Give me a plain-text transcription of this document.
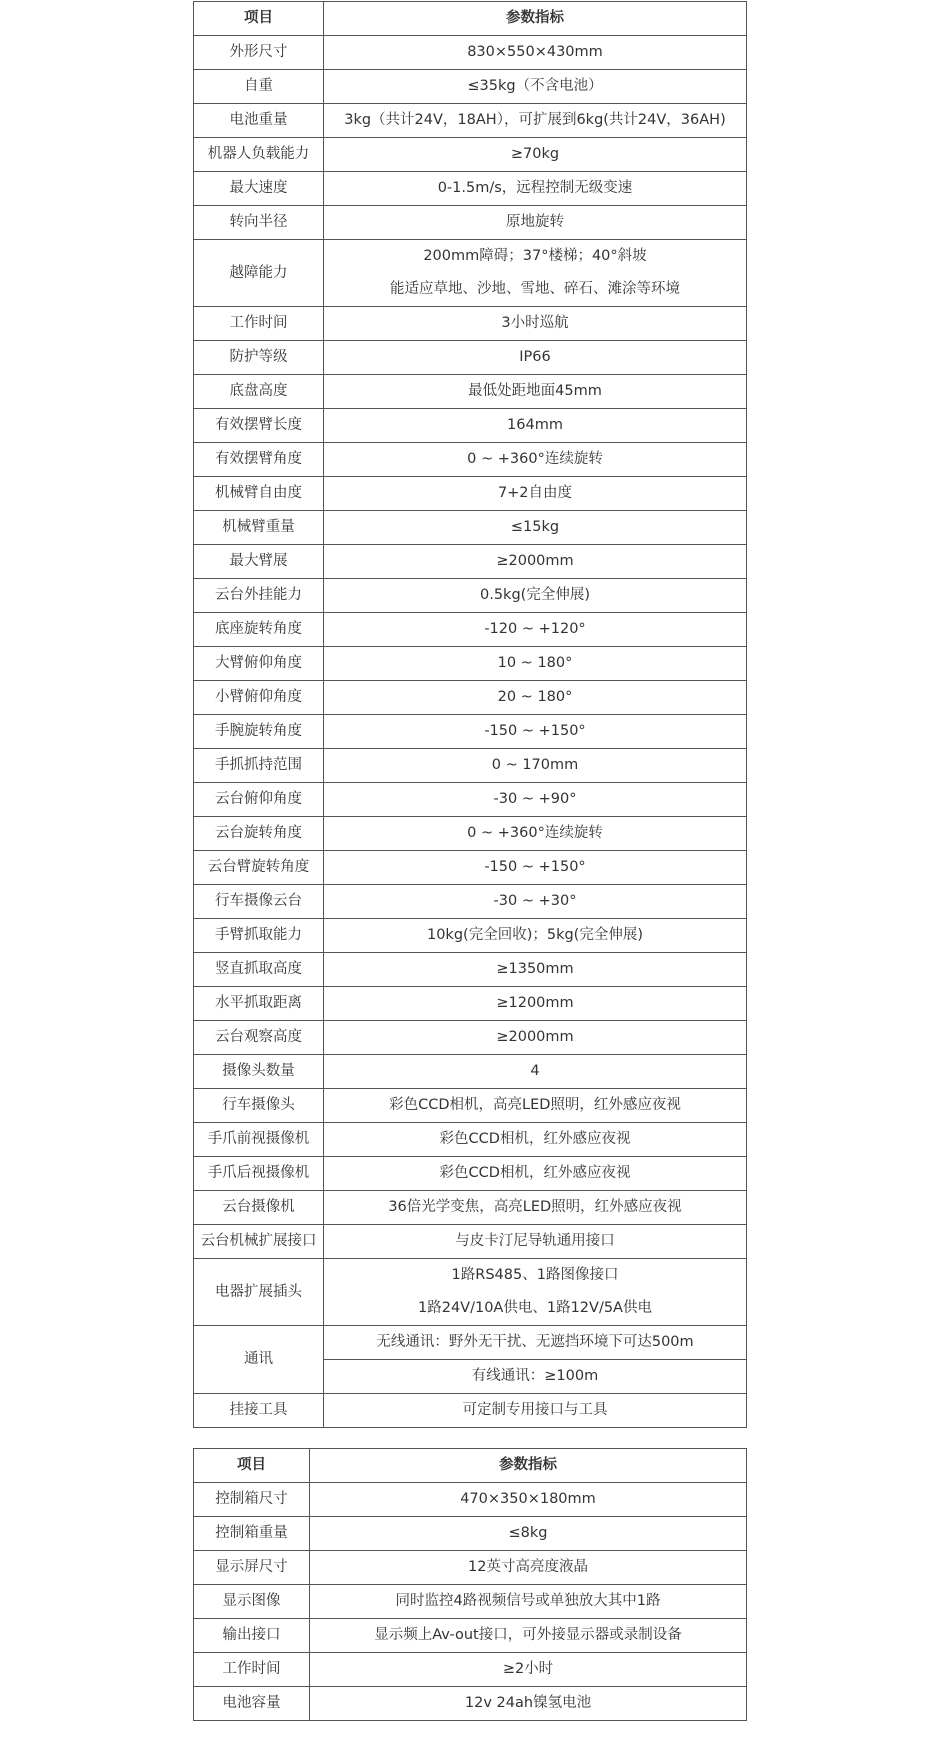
项目	参数指标
外形尺寸	830×550×430mm
自重	≤35kg（不含电池）
电池重量	3kg（共计24V，18AH），可扩展到6kg(共计24V，36AH)
机器人负载能力	≥70kg
最大速度	0-1.5m/s，远程控制无级变速
转向半径	原地旋转
越障能力	200mm障碍；37°楼梯；40°斜坡
能适应草地、沙地、雪地、碎石、滩涂等环境

工作时间	3小时巡航
防护等级	IP66
底盘高度	最低处距地面45mm
有效摆臂长度	164mm
有效摆臂角度	0 ~ +360°连续旋转
机械臂自由度	7+2自由度
机械臂重量	≤15kg
最大臂展	≥2000mm
云台外挂能力	0.5kg(完全伸展)
底座旋转角度	-120 ~ +120°
大臂俯仰角度	10 ~ 180°
小臂俯仰角度	20 ~ 180°
手腕旋转角度	-150 ~ +150°
手抓抓持范围	0 ~ 170mm
云台俯仰角度	-30 ~ +90°
云台旋转角度	0 ~ +360°连续旋转
云台臂旋转角度	-150 ~ +150°
行车摄像云台	-30 ~ +30°
手臂抓取能力	10kg(完全回收)；5kg(完全伸展)
竖直抓取高度	≥1350mm
水平抓取距离	≥1200mm
云台观察高度	≥2000mm
摄像头数量	4
行车摄像头	彩色CCD相机，高亮LED照明，红外感应夜视
手爪前视摄像机	彩色CCD相机，红外感应夜视
手爪后视摄像机	彩色CCD相机，红外感应夜视
云台摄像机	36倍光学变焦，高亮LED照明，红外感应夜视
云台机械扩展接口	与皮卡汀尼导轨通用接口
电器扩展插头	1路RS485、1路图像接口
1路24V/10A供电、1路12V/5A供电

通讯	无线通讯：野外无干扰、无遮挡环境下可达500m
	有线通讯：≥100m
挂接工具	可定制专用接口与工具
项目	参数指标
控制箱尺寸	470×350×180mm
控制箱重量	≤8kg
显示屏尺寸	12英寸高亮度液晶
显示图像	同时监控4路视频信号或单独放大其中1路
输出接口	显示频上Av-out接口，可外接显示器或录制设备
工作时间	≥2小时
电池容量	12v 24ah镍氢电池
